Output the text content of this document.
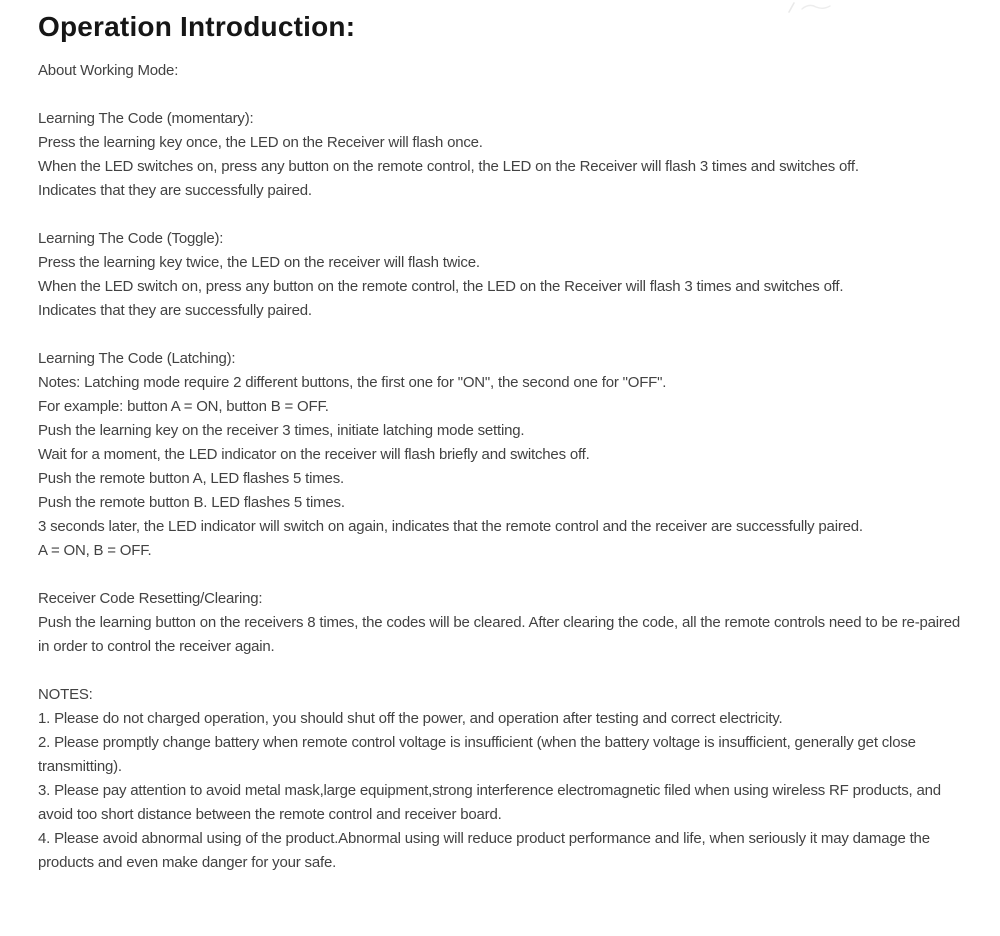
Operation Introduction:
About Working Mode:
Learning The Code (momentary):
Press the learning key once, the LED on the Receiver will flash once.
When the LED switches on, press any button on the remote control, the LED on the Receiver will flash 3 times and switches off.
Indicates that they are successfully paired.
Learning The Code (Toggle):
Press the learning key twice, the LED on the receiver will flash twice.
When the LED switch on, press any button on the remote control, the LED on the Receiver will flash 3 times and switches off.
Indicates that they are successfully paired.
Learning The Code (Latching):
Notes: Latching mode require 2 different buttons, the first one for "ON", the second one for "OFF".
For example: button A = ON, button B = OFF.
Push the learning key on the receiver 3 times, initiate latching mode setting.
Wait for a moment, the LED indicator on the receiver will flash briefly and switches off.
Push the remote button A, LED flashes 5 times.
Push the remote button B. LED flashes 5 times.
3 seconds later, the LED indicator will switch on again, indicates that the remote control and the receiver are successfully paired.
A = ON, B = OFF.
Receiver Code Resetting/Clearing:
Push the learning button on the receivers 8 times, the codes will be cleared. After clearing the code, all the remote controls need to be re-paired in order to control the receiver again.
NOTES:
1. Please do not charged operation, you should shut off the power, and operation after testing and correct electricity.
2. Please promptly change battery when remote control voltage is insufficient (when the battery voltage is insufficient, generally get close transmitting).
3. Please pay attention to avoid metal mask,large equipment,strong interference electromagnetic filed when using wireless RF products, and avoid too short distance between the remote control and receiver board.
4. Please avoid abnormal using of the product.Abnormal using will reduce product performance and life, when seriously it may damage the products and even make danger for your safe.
